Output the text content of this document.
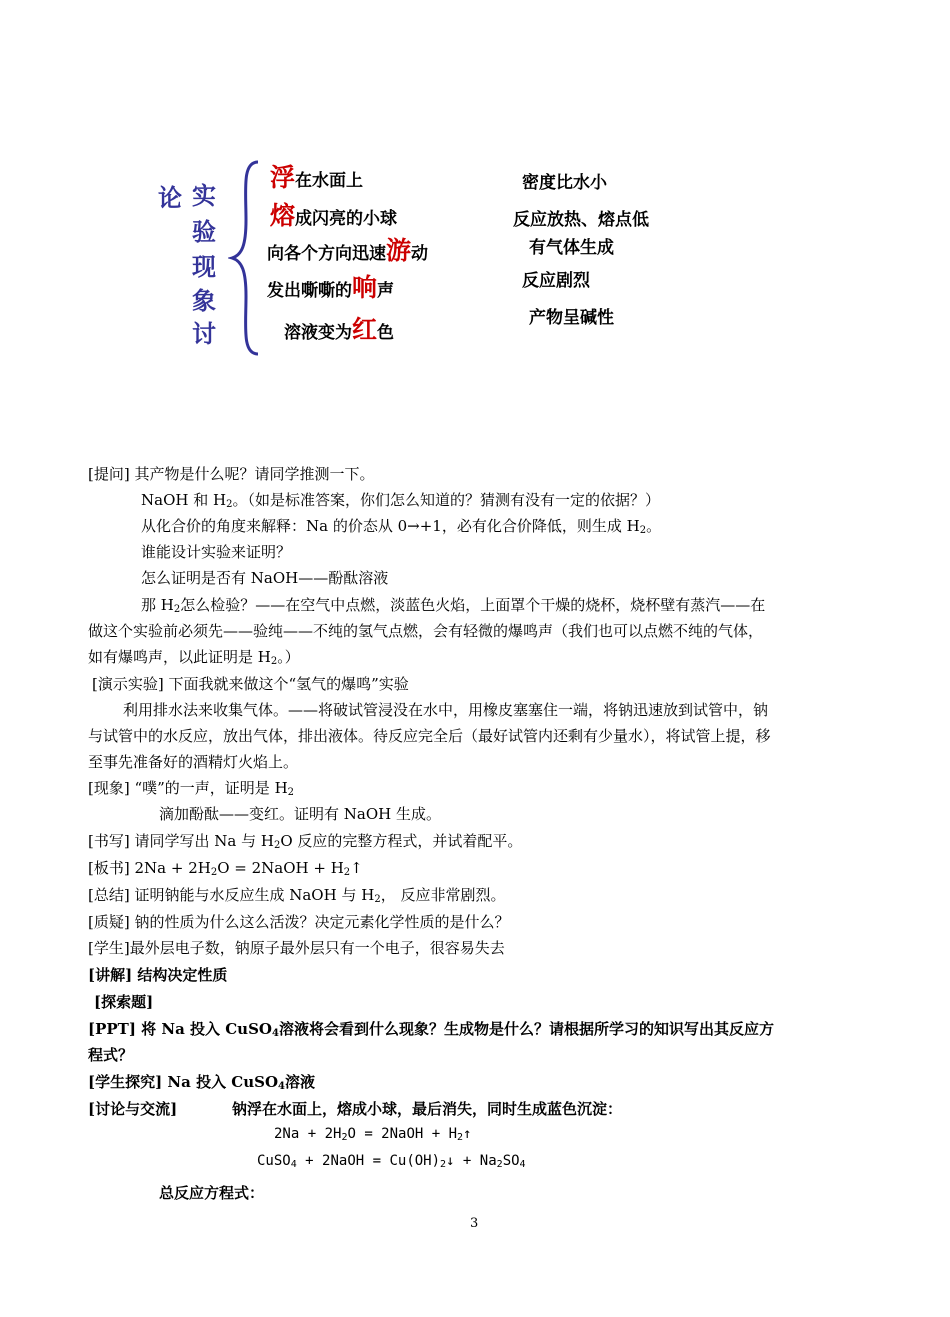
论 实
验
现
象
讨
浮在水面上
熔成闪亮的小球
向各个方向迅速游动
发出嘶嘶的响声
溶液变为红色
密度比水小
反应放热、熔点低
有气体生成
反应剧烈
产物呈碱性
[提问] 其产物是什么呢？请同学推测一下。
NaOH 和 $H_2$。（如是标准答案，你们怎么知道的？猜测有没有一定的依据？）
从化合价的角度来解释：Na 的价态从 0→+1，必有化合价降低，则生成 $H_2$。
谁能设计实验来证明？
怎么证明是否有 NaOH——酚酞溶液
那 $H_2$怎么检验？——在空气中点燃，淡蓝色火焰，上面罩个干燥的烧杯，烧杯壁有蒸汽——在
做这个实验前必须先——验纯——不纯的氢气点燃，会有轻微的爆鸣声（我们也可以点燃不纯的气体，
如有爆鸣声，以此证明是 $H_2$。）
[演示实验] 下面我就来做这个“氢气的爆鸣”实验
利用排水法来收集气体。——将破试管浸没在水中，用橡皮塞塞住一端，将钠迅速放到试管中，钠
与试管中的水反应，放出气体，排出液体。待反应完全后（最好试管内还剩有少量水），将试管上提，移
至事先准备好的酒精灯火焰上。
[现象] “噗”的一声，证明是 $H_2$
滴加酚酞——变红。证明有 NaOH 生成。
[书写] 请同学写出 Na 与 $H_2O$ 反应的完整方程式，并试着配平。
[板书] $2Na + 2H_2O$ = 2NaOH + $H_2↑$
[总结] 证明钠能与水反应生成 NaOH 与 $H_2$， 反应非常剧烈。
[质疑] 钠的性质为什么这么活泼？决定元素化学性质的是什么？
[学生]最外层电子数，钠原子最外层只有一个电子，很容易失去
[讲解] 结构决定性质
[探索题]
[PPT] 将 Na 投入 CuSO$_4$溶液将会看到什么现象？生成物是什么？请根据所学习的知识写出其反应方
程式？
[学生探究] Na 投入 CuSO$_4$溶液
[讨论与交流]	钠浮在水面上，熔成小球，最后消失，同时生成蓝色沉淀：
$2Na + 2H_2O$ = 2NaOH + $H_2↑$
CuSO$_4$ + 2NaOH = $Cu(OH)_2↓ + Na_2SO_4$
总反应方程式：
3
